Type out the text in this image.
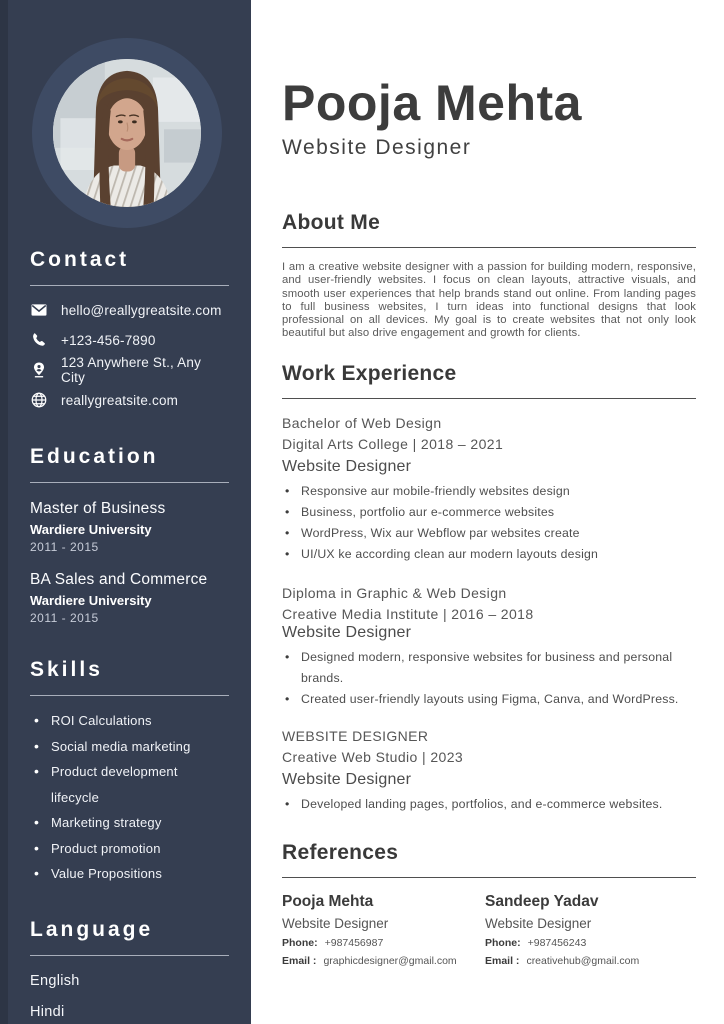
Contact
hello@reallygreatsite.com
+123-456-7890
123 Anywhere St., Any City
reallygreatsite.com
Education
Master of Business
Wardiere University
2011 - 2015
BA Sales and Commerce
Wardiere University
2011 - 2015
Skills
• ROI Calculations
• Social media marketing
• Product development lifecycle
• Marketing strategy
• Product promotion
• Value Propositions
Language
English
Hindi
Pooja Mehta
Website Designer
About Me

I am a creative website designer with a passion for building modern, responsive, and user-friendly websites. I focus on clean layouts, attractive visuals, and smooth user experiences that help brands stand out online. From landing pages to full business websites, I turn ideas into functional designs that look professional on all devices. My goal is to create websites that not only look beautiful but also drive engagement and growth for clients.

Work Experience
Bachelor of Web Design
Digital Arts College | 2018 – 2021
Website Designer
• Responsive aur mobile-friendly websites design
• Business, portfolio aur e-commerce websites
• WordPress, Wix aur Webflow par websites create
• UI/UX ke according clean aur modern layouts design
Diploma in Graphic & Web Design
Creative Media Institute | 2016 – 2018
Website Designer
• Designed modern, responsive websites for business and personal brands.
• Created user-friendly layouts using Figma, Canva, and WordPress.
WEBSITE DESIGNER
Creative Web Studio | 2023
Website Designer
• Developed landing pages, portfolios, and e-commerce websites.
References
Pooja Mehta
Website Designer
Phone: +987456987
Email : graphicdesigner@gmail.com
Sandeep Yadav
Website Designer
Phone: +987456243
Email : creativehub@gmail.com
